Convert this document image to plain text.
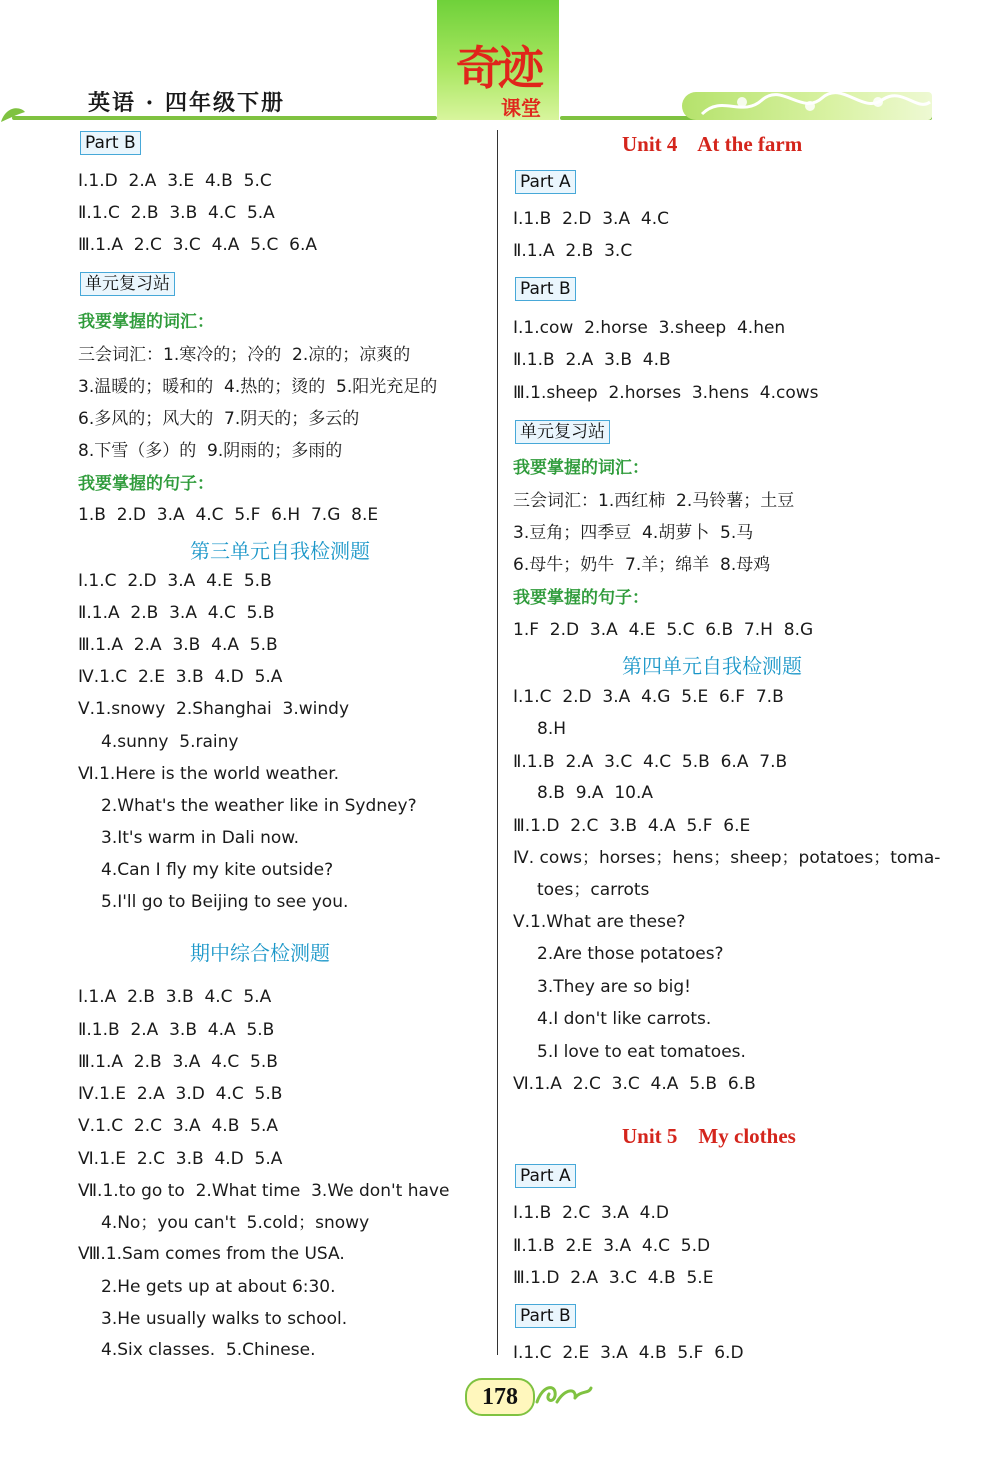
英语 · 四年级下册
奇迹
课堂
Part B
Ⅰ.1.D  2.A  3.E  4.B  5.C
Ⅱ.1.C  2.B  3.B  4.C  5.A
Ⅲ.1.A  2.C  3.C  4.A  5.C  6.A
单元复习站
我要掌握的词汇：
三会词汇：1.寒冷的；冷的  2.凉的；凉爽的
3.温暖的；暖和的  4.热的；烫的  5.阳光充足的
6.多风的；风大的  7.阴天的；多云的
8.下雪（多）的  9.阴雨的；多雨的
我要掌握的句子：
1.B  2.D  3.A  4.C  5.F  6.H  7.G  8.E
第三单元自我检测题
Ⅰ.1.C  2.D  3.A  4.E  5.B
Ⅱ.1.A  2.B  3.A  4.C  5.B
Ⅲ.1.A  2.A  3.B  4.A  5.B
Ⅳ.1.C  2.E  3.B  4.D  5.A
Ⅴ.1.snowy  2.Shanghai  3.windy
4.sunny  5.rainy
Ⅵ.1.Here is the world weather.
2.What's the weather like in Sydney?
3.It's warm in Dali now.
4.Can I fly my kite outside?
5.I'll go to Beijing to see you.
期中综合检测题
Ⅰ.1.A  2.B  3.B  4.C  5.A
Ⅱ.1.B  2.A  3.B  4.A  5.B
Ⅲ.1.A  2.B  3.A  4.C  5.B
Ⅳ.1.E  2.A  3.D  4.C  5.B
Ⅴ.1.C  2.C  3.A  4.B  5.A
Ⅵ.1.E  2.C  3.B  4.D  5.A
Ⅶ.1.to go to  2.What time  3.We don't have
4.No；you can't  5.cold；snowy
Ⅷ.1.Sam comes from the USA.
2.He gets up at about 6:30.
3.He usually walks to school.
4.Six classes.  5.Chinese.
Unit 4    At the farm
Part A
Ⅰ.1.B  2.D  3.A  4.C
Ⅱ.1.A  2.B  3.C
Part B
Ⅰ.1.cow  2.horse  3.sheep  4.hen
Ⅱ.1.B  2.A  3.B  4.B
Ⅲ.1.sheep  2.horses  3.hens  4.cows
单元复习站
我要掌握的词汇：
三会词汇：1.西红柿  2.马铃薯；土豆
3.豆角；四季豆  4.胡萝卜  5.马
6.母牛；奶牛  7.羊；绵羊  8.母鸡
我要掌握的句子：
1.F  2.D  3.A  4.E  5.C  6.B  7.H  8.G
第四单元自我检测题
Ⅰ.1.C  2.D  3.A  4.G  5.E  6.F  7.B
8.H
Ⅱ.1.B  2.A  3.C  4.C  5.B  6.A  7.B
8.B  9.A  10.A
Ⅲ.1.D  2.C  3.B  4.A  5.F  6.E
Ⅳ. cows；horses；hens；sheep；potatoes；toma-
toes；carrots
Ⅴ.1.What are these?
2.Are those potatoes?
3.They are so big!
4.I don't like carrots.
5.I love to eat tomatoes.
Ⅵ.1.A  2.C  3.C  4.A  5.B  6.B
Unit 5    My clothes
Part A
Ⅰ.1.B  2.C  3.A  4.D
Ⅱ.1.B  2.E  3.A  4.C  5.D
Ⅲ.1.D  2.A  3.C  4.B  5.E
Part B
Ⅰ.1.C  2.E  3.A  4.B  5.F  6.D
178
